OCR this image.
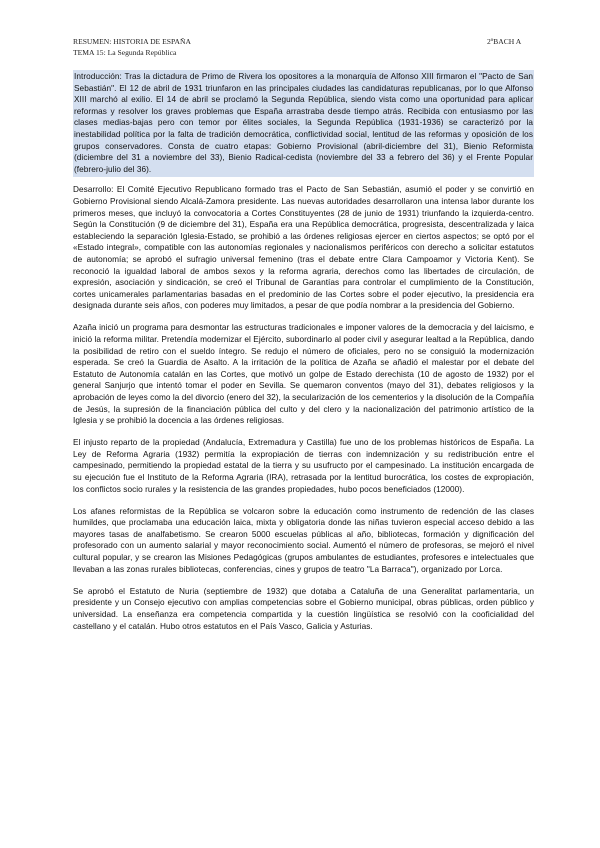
RESUMEN: HISTORIA DE ESPAÑA
TEMA 15: La Segunda República
2ºBACH A

Introducción: Tras la dictadura de Primo de Rivera los opositores a la monarquía de Alfonso XIII firmaron el "Pacto de San Sebastián". El 12 de abril de 1931 triunfaron en las principales ciudades las candidaturas republicanas, por lo que Alfonso XIII marchó al exilio. El 14 de abril se proclamó la Segunda República, siendo vista como una oportunidad para aplicar reformas y resolver los graves problemas que España arrastraba desde tiempo atrás. Recibida con entusiasmo por las clases medias-bajas pero con temor por élites sociales, la Segunda República (1931-1936) se caracterizó por la inestabilidad política por la falta de tradición democrática, conflictividad social, lentitud de las reformas y oposición de los grupos conservadores. Consta de cuatro etapas: Gobierno Provisional (abril-diciembre del 31), Bienio Reformista (diciembre del 31 a noviembre del 33), Bienio Radical-cedista (noviembre del 33 a febrero del 36) y el Frente Popular (febrero-julio del 36).

Desarrollo: El Comité Ejecutivo Republicano formado tras el Pacto de San Sebastián, asumió el poder y se convirtió en Gobierno Provisional siendo Alcalá-Zamora presidente. Las nuevas autoridades desarrollaron una intensa labor durante los primeros meses, que incluyó la convocatoria a Cortes Constituyentes (28 de junio de 1931) triunfando la izquierda-centro. Según la Constitución (9 de diciembre del 31), España era una República democrática, progresista, descentralizada y laica estableciendo la separación Iglesia-Estado, se prohibió a las órdenes religiosas ejercer en ciertos aspectos; se optó por el «Estado integral», compatible con las autonomías regionales y nacionalismos periféricos con derecho a solicitar estatutos de autonomía; se aprobó el sufragio universal femenino (tras el debate entre Clara Campoamor y Victoria Kent). Se reconoció la igualdad laboral de ambos sexos y la reforma agraria, derechos como las libertades de circulación, de expresión, asociación y sindicación, se creó el Tribunal de Garantías para controlar el cumplimiento de la Constitución, cortes unicamerales parlamentarias basadas en el predominio de las Cortes sobre el poder ejecutivo, la presidencia era designada durante seis años, con poderes muy limitados, a pesar de que podía nombrar a la presidencia del Gobierno.

Azaña inició un programa para desmontar las estructuras tradicionales e imponer valores de la democracia y del laicismo, e inició la reforma militar. Pretendía modernizar el Ejército, subordinarlo al poder civil y asegurar lealtad a la República, dando la posibilidad de retiro con el sueldo íntegro. Se redujo el número de oficiales, pero no se consiguió la modernización esperada. Se creó la Guardia de Asalto. A la irritación de la política de Azaña se añadió el malestar por el debate del Estatuto de Autonomía catalán en las Cortes, que motivó un golpe de Estado derechista (10 de agosto de 1932) por el general Sanjurjo que intentó tomar el poder en Sevilla. Se quemaron conventos (mayo del 31), debates religiosos y la aprobación de leyes como la del divorcio (enero del 32), la secularización de los cementerios y la disolución de la Compañía de Jesús, la supresión de la financiación pública del culto y del clero y la nacionalización del patrimonio artístico de la Iglesia y se prohibió la docencia a las órdenes religiosas.

El injusto reparto de la propiedad (Andalucía, Extremadura y Castilla) fue uno de los problemas históricos de España. La Ley de Reforma Agraria (1932) permitía la expropiación de tierras con indemnización y su redistribución entre el campesinado, permitiendo la propiedad estatal de la tierra y su usufructo por el campesinado. La institución encargada de su ejecución fue el Instituto de la Reforma Agraria (IRA), retrasada por la lentitud burocrática, los costes de expropiación, los conflictos socio rurales y la resistencia de las grandes propiedades, hubo pocos beneficiados (12000).

Los afanes reformistas de la República se volcaron sobre la educación como instrumento de redención de las clases humildes, que proclamaba una educación laica, mixta y obligatoria donde las niñas tuvieron especial acceso debido a las mayores tasas de analfabetismo. Se crearon 5000 escuelas públicas al año, bibliotecas, formación y dignificación del profesorado con un aumento salarial y mayor reconocimiento social. Aumentó el número de profesoras, se mejoró el nivel cultural popular, y se crearon las Misiones Pedagógicas (grupos ambulantes de estudiantes, profesores e intelectuales que llevaban a las zonas rurales bibliotecas, conferencias, cines y grupos de teatro "La Barraca"), organizado por Lorca.

Se aprobó el Estatuto de Nuria (septiembre de 1932) que dotaba a Cataluña de una Generalitat parlamentaria, un presidente y un Consejo ejecutivo con amplias competencias sobre el Gobierno municipal, obras públicas, orden público y universidad. La enseñanza era competencia compartida y la cuestión lingüística se resolvió con la cooficialidad del castellano y el catalán. Hubo otros estatutos en el País Vasco, Galicia y Asturias.
